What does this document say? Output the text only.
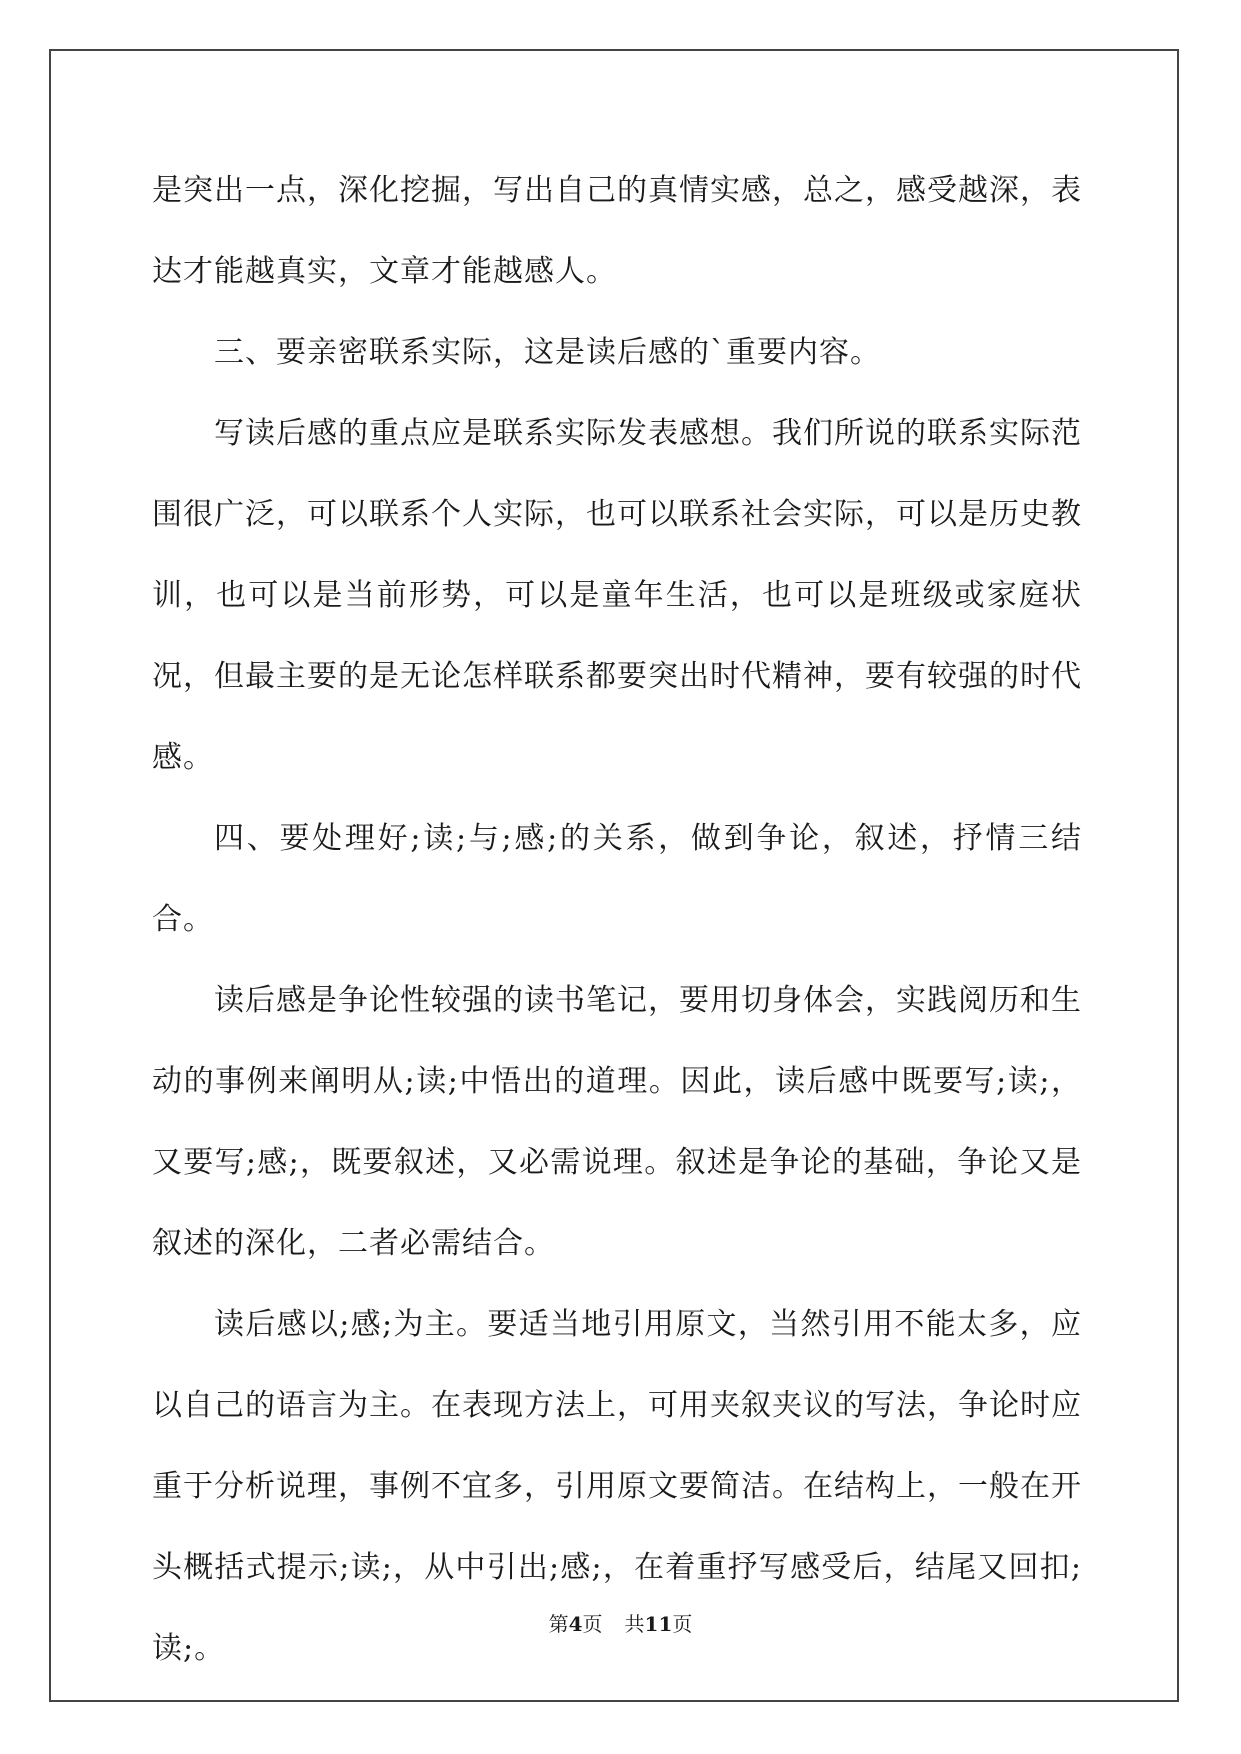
是突出一点，深化挖掘，写出自己的真情实感，总之，感受越深，表达才能越真实，文章才能越感人。

三、要亲密联系实际，这是读后感的`重要内容。

写读后感的重点应是联系实际发表感想。我们所说的联系实际范围很广泛，可以联系个人实际，也可以联系社会实际，可以是历史教训，也可以是当前形势，可以是童年生活，也可以是班级或家庭状况，但最主要的是无论怎样联系都要突出时代精神，要有较强的时代感。

四、要处理好;读;与;感;的关系，做到争论，叙述，抒情三结合。

读后感是争论性较强的读书笔记，要用切身体会，实践阅历和生动的事例来阐明从;读;中悟出的道理。因此，读后感中既要写;读;，又要写;感;，既要叙述，又必需说理。叙述是争论的基础，争论又是叙述的深化，二者必需结合。

读后感以;感;为主。要适当地引用原文，当然引用不能太多，应以自己的语言为主。在表现方法上，可用夹叙夹议的写法，争论时应重于分析说理，事例不宜多，引用原文要简洁。在结构上，一般在开头概括式提示;读;，从中引出;感;，在着重抒写感受后，结尾又回扣;读;。

第4页 共11页
